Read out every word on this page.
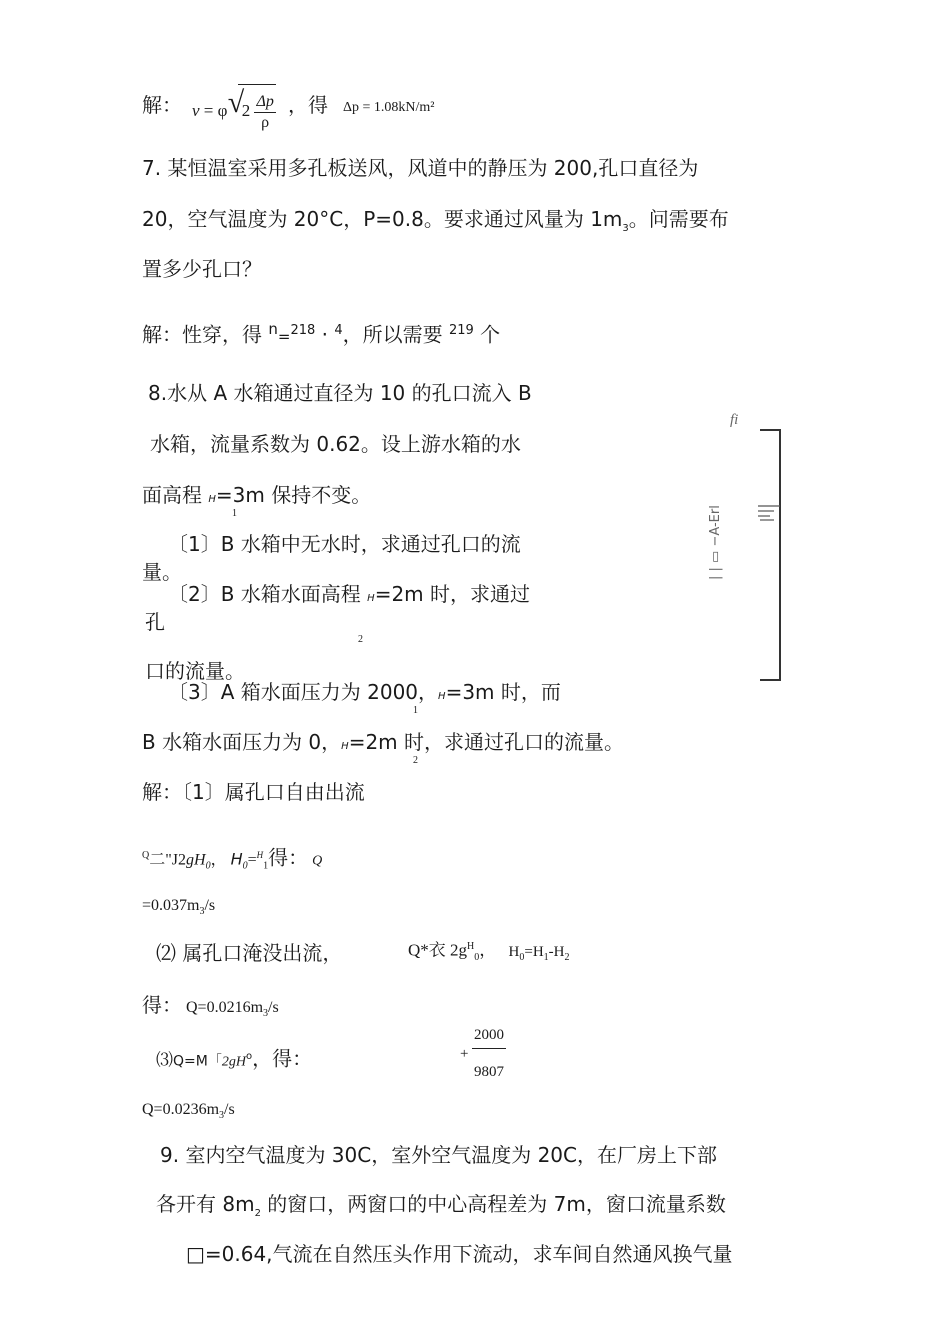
解： v = φ √
$2 \frac{\Delta p}{\rho}$ ，得 Δp = 1.08kN/m²
7. 某恒温室采用多孔板送风，风道中的静压为 200,孔口直径为
20，空气温度为 20°C，P=0.8。要求通过风量为 $1m_3$。问需要布
置多少孔口？
解：性穿，得 $^n$=$^{218}$ · $^4$，所以需要 $^{219}$ 个
8.水从 A 水箱通过直径为 10 的孔口流入 B
水箱，流量系数为 0.62。设上游水箱的水
面高程 H=3m 保持不变。
1
〔1〕B 水箱中无水时，求通过孔口的流
量。
〔2〕B 水箱水面高程 H=2m 时，求通过
孔
2
口的流量。
〔3〕A 箱水面压力为 2000，H=3m 时，而
1
B 水箱水面压力为 0，H=2m 时，求通过孔口的流量。
2
fi
| | ▭ −A-Erl
解：〔1〕属孔口自由出流
$^Q$二"$J2gH_0$， $H_0=^H_1$得： Q
$=0.037m_3/s$
⑵ 属孔口淹没出流，	Q*衣 $2g^H_0$， $H_0=H_1-H_2$
得： $Q=0.0216m_3/s$
⑶Q=M「$2gH^o$，得：	+ $\frac{2000}{9807}$
$Q=0.0236m_3/s$
9. 室内空气温度为 30C，室外空气温度为 20C，在厂房上下部
各开有 $8m_2$ 的窗口，两窗口的中心高程差为 7m，窗口流量系数
□=0.64,气流在自然压头作用下流动，求车间自然通风换气量
